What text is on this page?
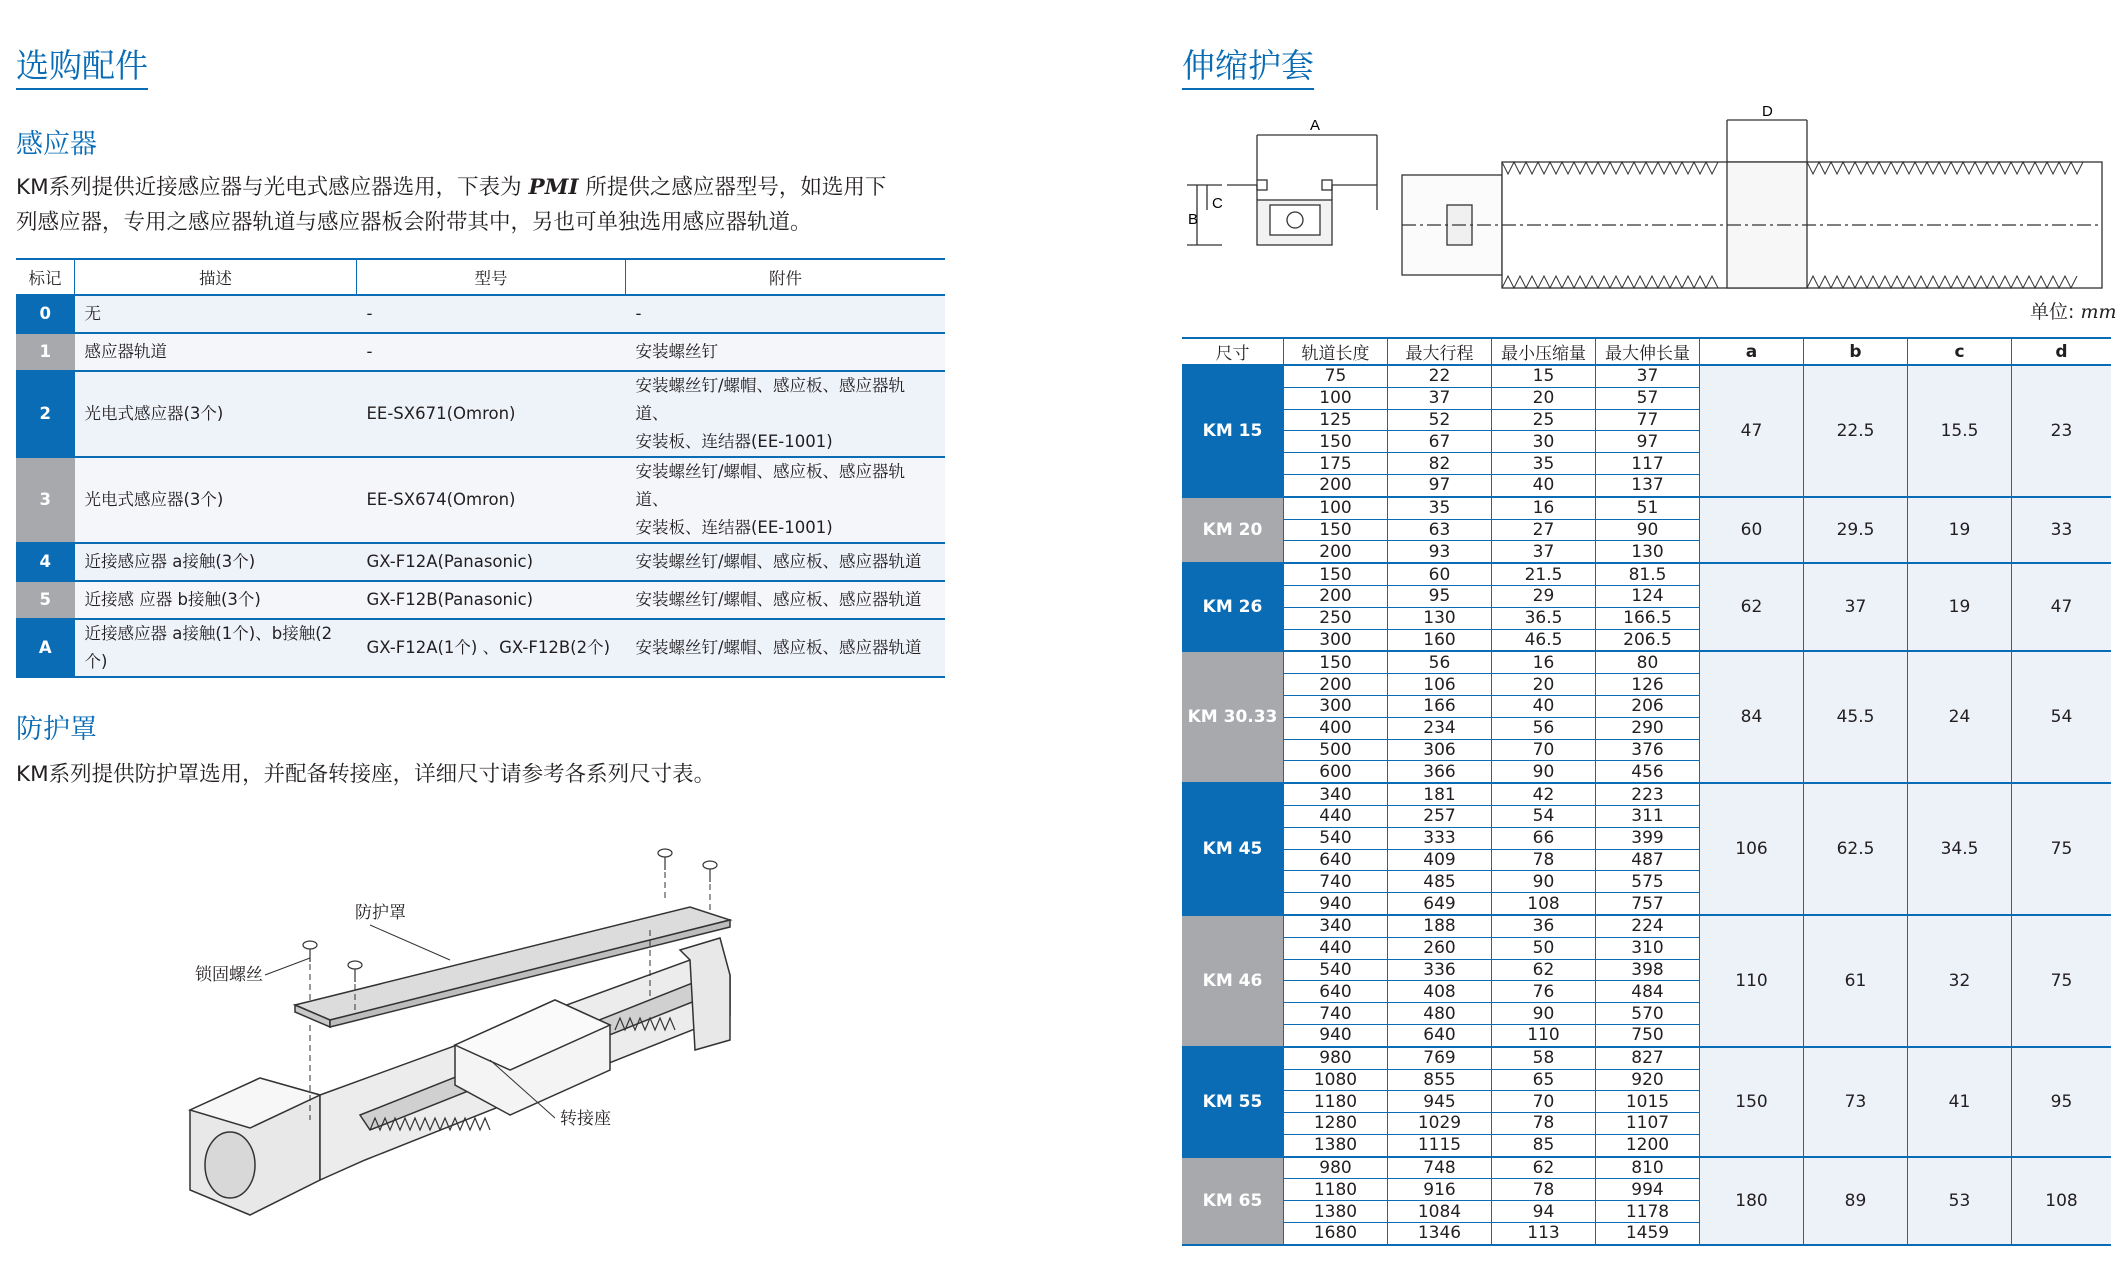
选购配件
感应器
KM系列提供近接感应器与光电式感应器选用，下表为 PMI 所提供之感应器型号，如选用下
列感应器，专用之感应器轨道与感应器板会附带其中，另也可单独选用感应器轨道。
标记	描述	型号	附件
0	无	-	-

1	感应器轨道	-	安装螺丝钉

2	光电式感应器(3个)	EE-SX671(Omron)	安装螺丝钉/螺帽、感应板、感应器轨道、
安装板、连结器(EE-1001)

3	光电式感应器(3个)	EE-SX674(Omron)	安装螺丝钉/螺帽、感应板、感应器轨道、
安装板、连结器(EE-1001)

4	近接感应器 a接触(3个)	GX-F12A(Panasonic)	安装螺丝钉/螺帽、感应板、感应器轨道

5	近接感 应器 b接触(3个)	GX-F12B(Panasonic)	安装螺丝钉/螺帽、感应板、感应器轨道

A	近接感应器 a接触(1个)、b接触(2个)	GX-F12A(1个) 、GX-F12B(2个)	安装螺丝钉/螺帽、感应板、感应器轨道
防护罩
KM系列提供防护罩选用，并配备转接座，详细尺寸请参考各系列尺寸表。
防护罩
锁固螺丝
转接座
伸缩护套
A
B
C
D
单位: mm
尺寸	轨道长度	最大行程	最小压缩量	最大伸长量	a	b	c	d
KM 15	75	22	15	37	47	22.5	15.5	23
	100	37	20	57				
	125	52	25	77				
	150	67	30	97				
	175	82	35	117				
	200	97	40	137				
KM 20	100	35	16	51	60	29.5	19	33
	150	63	27	90				
	200	93	37	130				
KM 26	150	60	21.5	81.5	62	37	19	47
	200	95	29	124				
	250	130	36.5	166.5				
	300	160	46.5	206.5				
KM 30.33	150	56	16	80	84	45.5	24	54
	200	106	20	126				
	300	166	40	206				
	400	234	56	290				
	500	306	70	376				
	600	366	90	456				
KM 45	340	181	42	223	106	62.5	34.5	75
	440	257	54	311				
	540	333	66	399				
	640	409	78	487				
	740	485	90	575				
	940	649	108	757				
KM 46	340	188	36	224	110	61	32	75
	440	260	50	310				
	540	336	62	398				
	640	408	76	484				
	740	480	90	570				
	940	640	110	750				
KM 55	980	769	58	827	150	73	41	95
	1080	855	65	920				
	1180	945	70	1015				
	1280	1029	78	1107				
	1380	1115	85	1200				
KM 65	980	748	62	810	180	89	53	108
	1180	916	78	994				
	1380	1084	94	1178				
	1680	1346	113	1459				
